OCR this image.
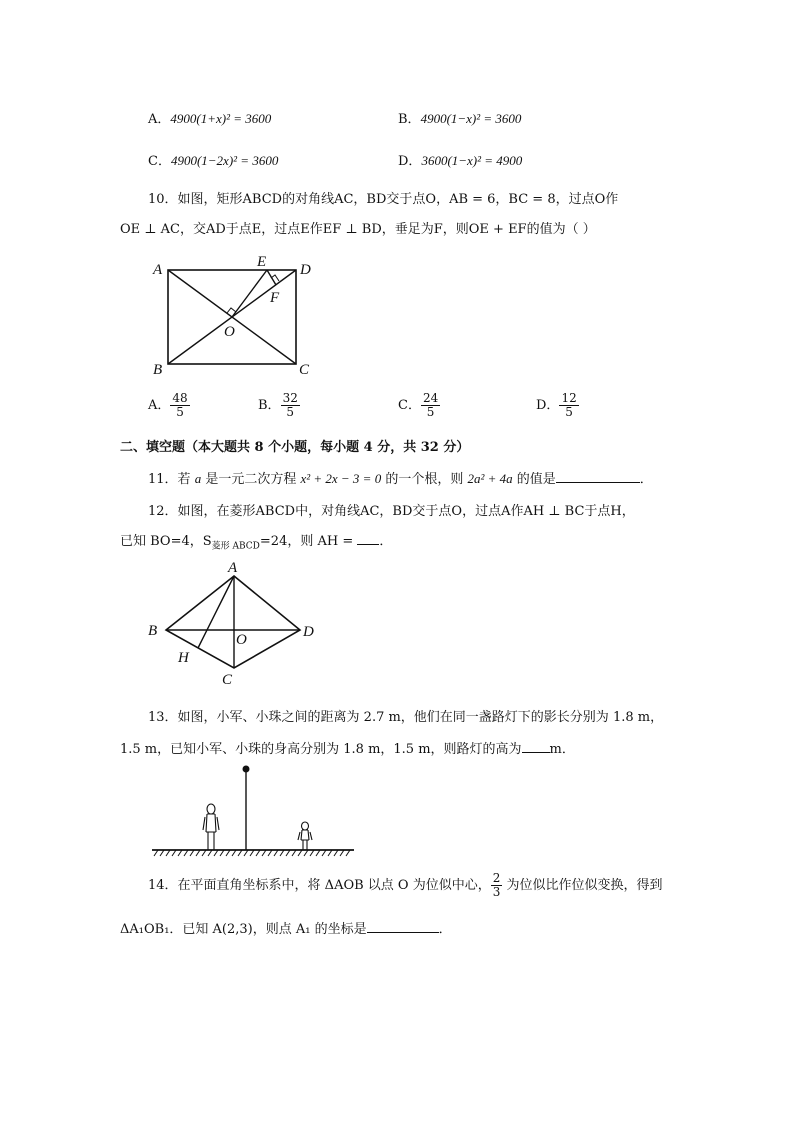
A．4900(1+x)² = 3600	B．4900(1−x)² = 3600
C．4900(1−2x)² = 3600	D．3600(1−x)² = 4900
10．如图，矩形ABCD的对角线AC，BD交于点O，AB = 6，BC = 8，过点O作
OE ⊥ AC，交AD于点E，过点E作EF ⊥ BD，垂足为F，则OE + EF的值为（ ）
A
B	C
D
E
F
O
A． $\frac{48}{5}$	B． $\frac{32}{5}$	C． $\frac{24}{5}$	D． $\frac{12}{5}$
二、填空题（本大题共 8 个小题，每小题 4 分，共 32 分）
11．若 a 是一元二次方程 x² + 2x − 3 = 0 的一个根，则 2a² + 4a 的值是	．
12．如图，在菱形ABCD中，对角线AC，BD交于点O，过点A作AH ⊥ BC于点H，
已知 BO=4，$S_{菱形 ABCD}=24$，则 AH = ．
A
B
C
D
H
O
13．如图，小军、小珠之间的距离为 2.7 m，他们在同一盏路灯下的影长分别为 1.8 m，
1.5 m，已知小军、小珠的身高分别为 1.8 m，1.5 m，则路灯的高为 m．
14．在平面直角坐标系中，将 ΔAOB 以点 O 为位似中心， $\frac{2}{3}$ 为位似比作位似变换，得到
ΔA₁OB₁．已知 A(2,3)，则点 A₁ 的坐标是	．
